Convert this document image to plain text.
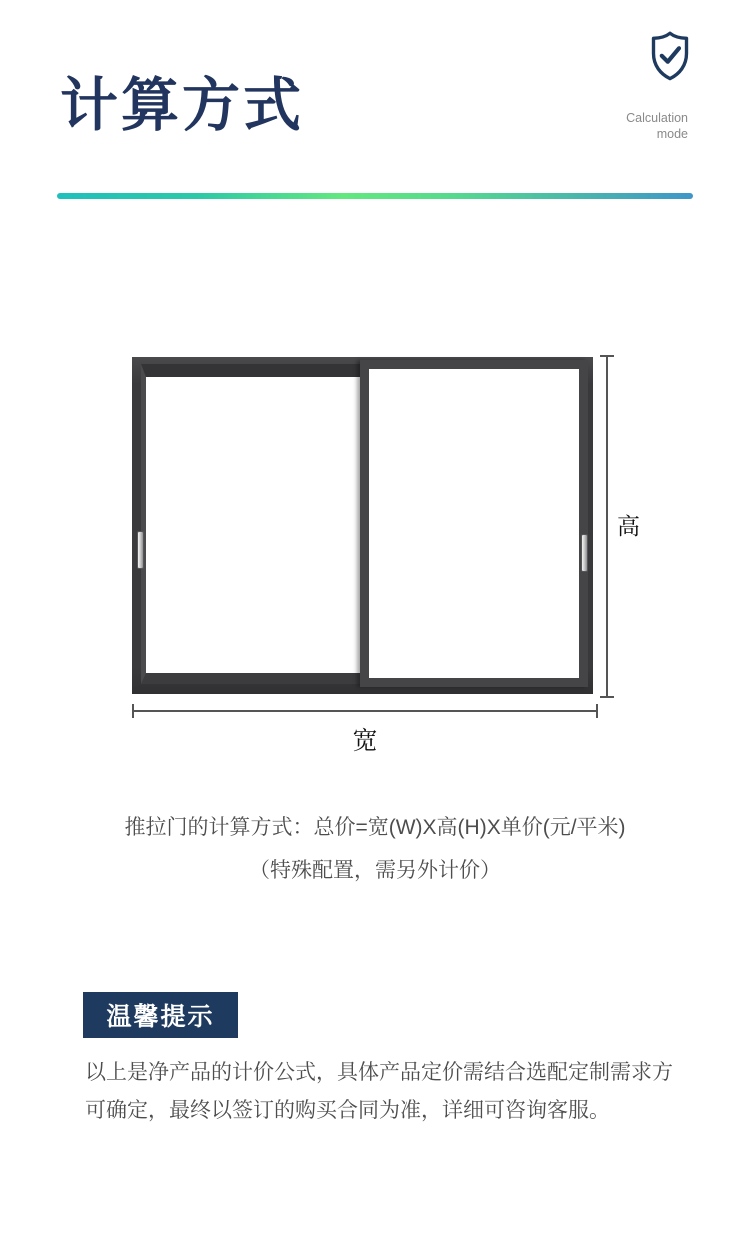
计算方式	Calculation
mode
高
宽
推拉门的计算方式：总价=宽(W)X高(H)X单价(元/平米)
（特殊配置，需另外计价）
温馨提示
以上是净产品的计价公式，具体产品定价需结合选配定制需求方可确定，最终以签订的购买合同为准，详细可咨询客服。
